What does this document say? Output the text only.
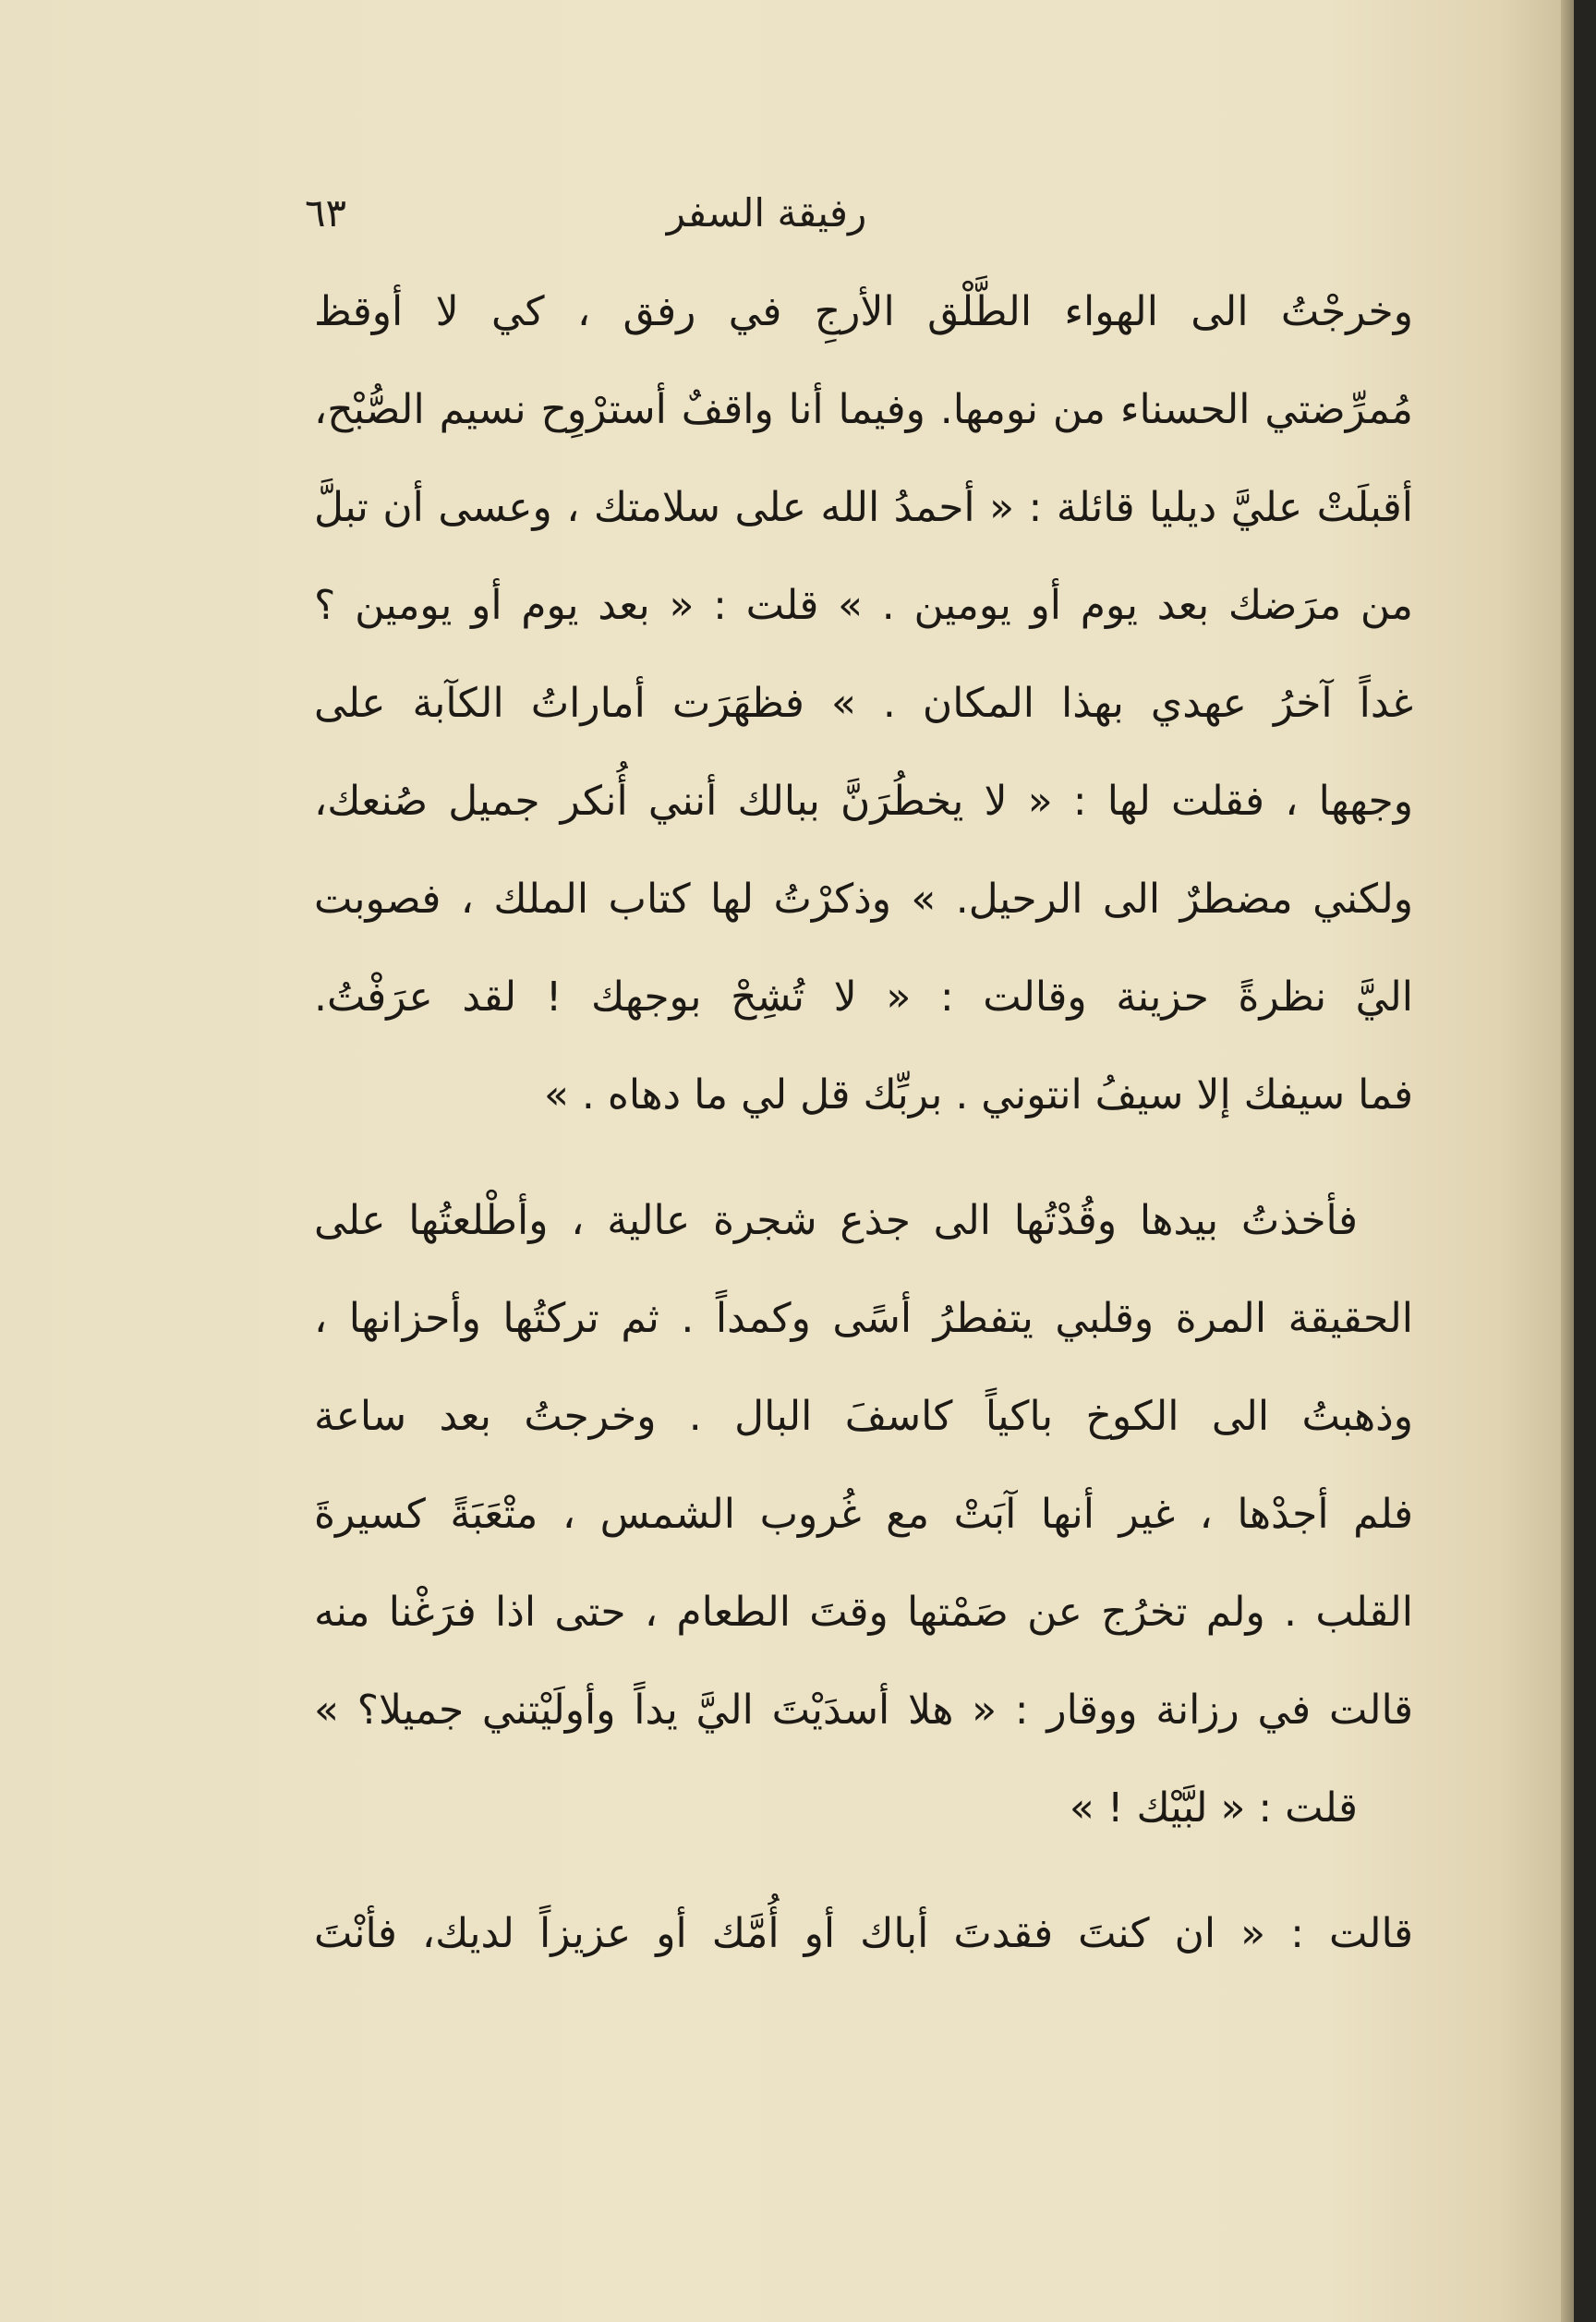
رفيقة السفر
٦٣
وخرجْتُ الى الهواء الطَّلْق الأرجِ في رفق ، كي لا أوقظ
مُمرِّضتي الحسناء من نومها. وفيما أنا واقفٌ أسترْوِح نسيم الصُّبْح،
أقبلَتْ عليَّ ديليا قائلة : « أحمدُ الله على سلامتك ، وعسى أن تبلَّ
من مرَضك بعد يوم أو يومين . » قلت : « بعد يوم أو يومين ؟
غداً آخرُ عهدي بهذا المكان . » فظهَرَت أماراتُ الكآبة على
وجهها ، فقلت لها : « لا يخطُرَنَّ ببالك أنني أُنكر جميل صُنعك،
ولكني مضطرٌ الى الرحيل. » وذكرْتُ لها كتاب الملك ، فصوبت
اليَّ نظرةً حزينة وقالت : « لا تُشِحْ بوجهك ! لقد عرَفْتُ.
فما سيفك إلا سيفُ انتوني . بربِّك قل لي ما دهاه . »
فأخذتُ بيدها وقُدْتُها الى جذع شجرة عالية ، وأطْلعتُها على
الحقيقة المرة وقلبي يتفطرُ أسًى وكمداً . ثم تركتُها وأحزانها ،
وذهبتُ الى الكوخ باكياً كاسفَ البال . وخرجتُ بعد ساعة
فلم أجدْها ، غير أنها آبَتْ مع غُروب الشمس ، متْعَبَةً كسيرةَ
القلب . ولم تخرُج عن صَمْتها وقتَ الطعام ، حتى اذا فرَغْنا منه
قالت في رزانة ووقار : « هلا أسدَيْتَ اليَّ يداً وأولَيْتني جميلا؟ »
قلت : « لبَّيْك ! »
قالت : « ان كنتَ فقدتَ أباك أو أُمَّك أو عزيزاً لديك، فأنْتَ
